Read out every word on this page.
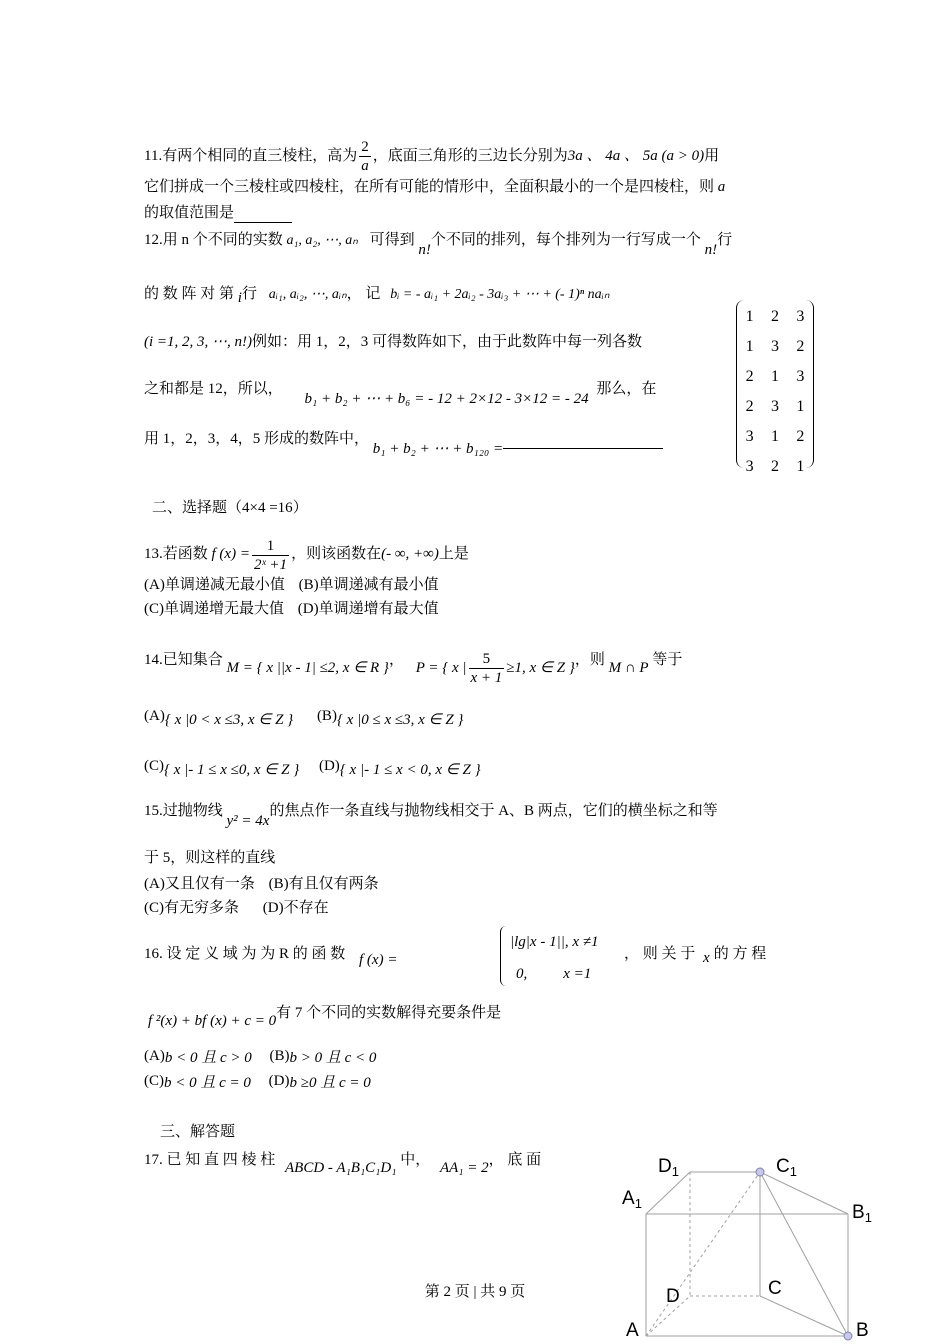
11.有两个相同的直三棱柱，高为 $\frac{2}{a}$ ，底面三角形的三边长分别为3a 、 4a 、 5a (a > 0)用
它们拼成一个三棱柱或四棱柱，在所有可能的情形中，全面积最小的一个是四棱柱，则 a
的取值范围是
12.用 n 个不同的实数 a₁, a₂, ⋯, aₙ 可得到 n!个不同的排列，每个排列为一行写成一个 n!行
的 数 阵 对 第 i行 aᵢ₁, aᵢ₂, ⋯, aᵢₙ， 记 bᵢ = - aᵢ₁ + 2aᵢ₂ - 3aᵢ₃ + ⋯ + (- 1)ⁿ naᵢₙ
(i =1, 2, 3, ⋯, n!)例如：用 1，2，3 可得数阵如下，由于此数阵中每一列各数
之和都是 12，所以， b₁ + b₂ + ⋯ + b₆ = - 12 + 2×12 - 3×12 = - 24 那么，在
用 1，2，3，4，5 形成的数阵中， b₁ + b₂ + ⋯ + b₁₂₀ =
1	2	3
1	3	2
2	1	3
2	3	1
3	1	2
3	2	1
二、选择题（4×4 =16）
13.若函数 f $(x) = \frac{1}{\text{2ˣ +1}}$ ，则该函数在(- ∞, +∞)上是
(A)单调递减无最小值 (B)单调递减有最小值
(C)单调递增无最大值 (D)单调递增有最大值
14.已知集合 M = { x ||x - 1| ≤2, x ∈ R }， P = { x | $\frac{5}{x + 1} \ge 1$, x ∈ Z }，则 M ∩ P 等于
(A){ x |0 < x ≤3, x ∈ Z } (B){ x |0 ≤ x ≤3, x ∈ Z }
(C){ x |- 1 ≤ x ≤0, x ∈ Z } (D){ x |- 1 ≤ x < 0, x ∈ Z }
15.过抛物线 y² = 4x的焦点作一条直线与抛物线相交于 A、B 两点，它们的横坐标之和等
于 5，则这样的直线
(A)又且仅有一条 (B)有且仅有两条
(C)有无穷多条 (D)不存在
16. 设 定 义 域 为 为 R 的 函 数 f (x) =
|lg|x - 1||, x ≠1
0, x =1
， 则 关 于 x 的 方 程
f ²(x) + bf (x) + c = 0有 7 个不同的实数解得充要条件是
(A)b < 0 且 c > 0 (B)b > 0 且 c < 0
(C)b < 0 且 c = 0 (D)b ≥0 且 c = 0
三、解答题
17. 已 知 直 四 棱 柱 ABCD - A₁B₁C₁D₁ 中， AA₁ = 2， 底 面	$D_1$	$C_1$
$A_1$	$B_1$
D	C
A	B
第 2 页 | 共 9 页
